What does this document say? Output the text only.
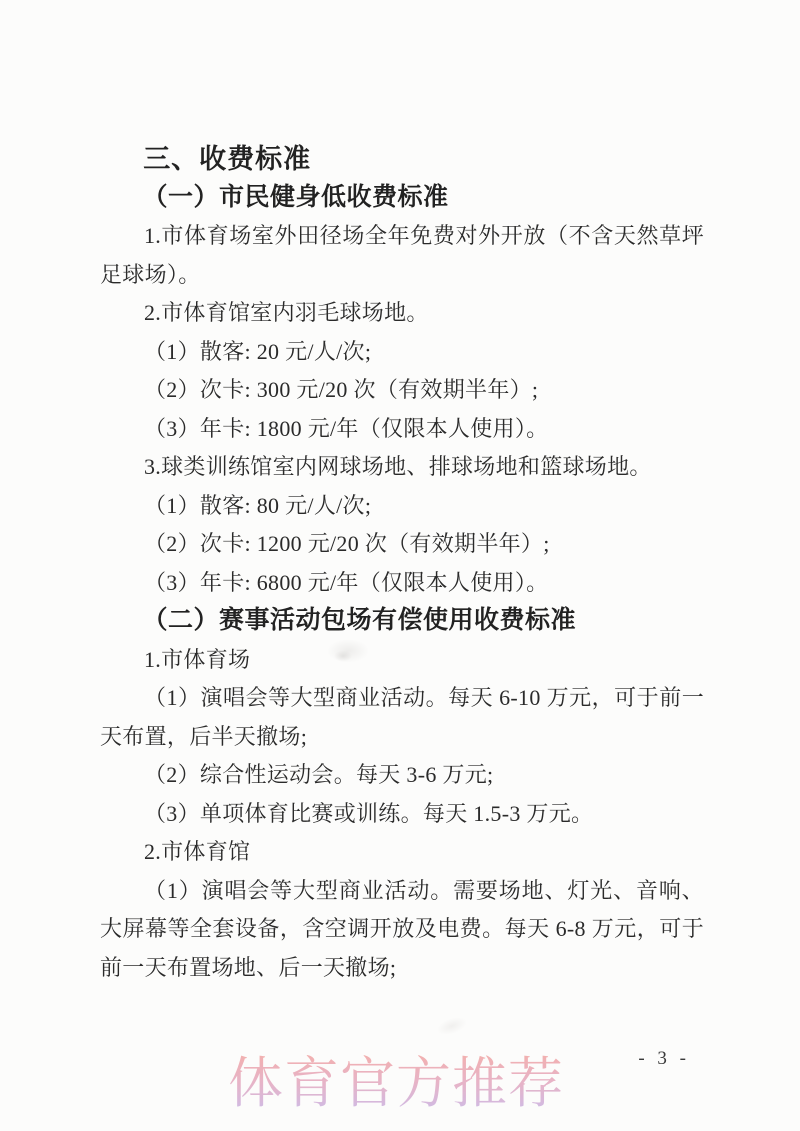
三、收费标准
（一）市民健身低收费标准
1.市体育场室外田径场全年免费对外开放（不含天然草坪足球场）。
2.市体育馆室内羽毛球场地。
（1）散客: 20 元/人/次;
（2）次卡: 300 元/20 次（有效期半年）;
（3）年卡: 1800 元/年（仅限本人使用）。
3.球类训练馆室内网球场地、排球场地和篮球场地。
（1）散客: 80 元/人/次;
（2）次卡: 1200 元/20 次（有效期半年）;
（3）年卡: 6800 元/年（仅限本人使用）。
（二）赛事活动包场有偿使用收费标准
1.市体育场
（1）演唱会等大型商业活动。每天 6-10 万元，可于前一天布置，后半天撤场;
（2）综合性运动会。每天 3-6 万元;
（3）单项体育比赛或训练。每天 1.5-3 万元。
2.市体育馆
（1）演唱会等大型商业活动。需要场地、灯光、音响、大屏幕等全套设备，含空调开放及电费。每天 6-8 万元，可于前一天布置场地、后一天撤场;
- 3 -
体育官方推荐
